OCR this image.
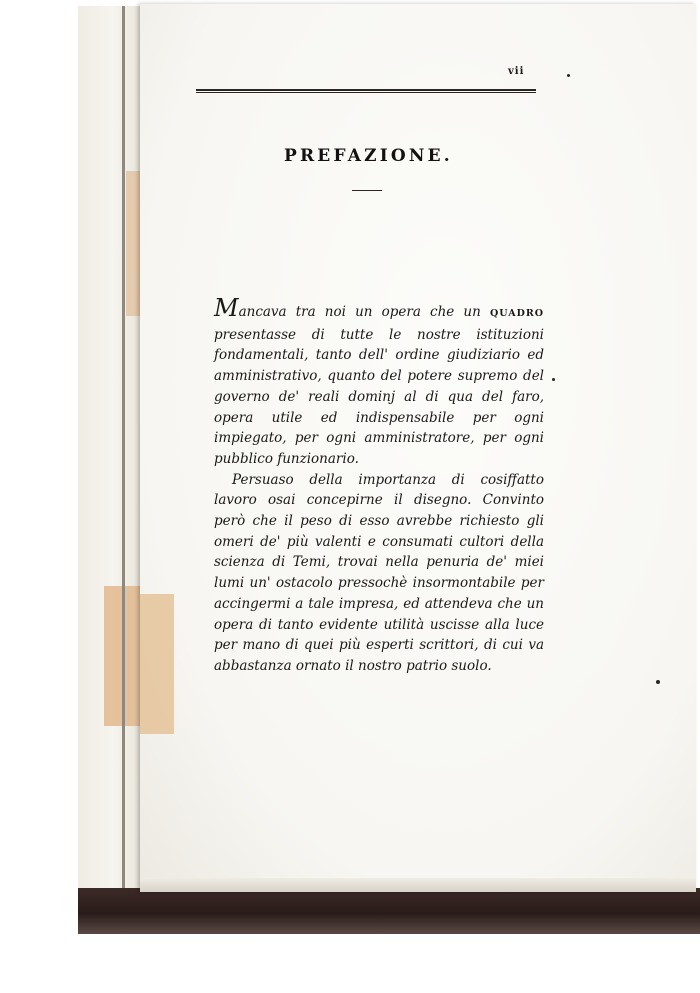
vii
PREFAZIONE.

Mancava tra noi un opera che un QUADRO presentasse di tutte le nostre istituzioni fondamentali, tanto dell' ordine giudiziario ed amministrativo, quanto del potere supremo del governo de' reali dominj al di qua del faro, opera utile ed indispensabile per ogni impiegato, per ogni amministratore, per ogni pubblico funzionario.

Persuaso della importanza di cosiffatto lavoro osai concepirne il disegno. Convinto però che il peso di esso avrebbe richiesto gli omeri de' più valenti e consumati cultori della scienza di Temi, trovai nella penuria de' miei lumi un' ostacolo pressochè insormontabile per accingermi a tale impresa, ed attendeva che un opera di tanto evidente utilità uscisse alla luce per mano di quei più esperti scrittori, di cui va abbastanza ornato il nostro patrio suolo.
